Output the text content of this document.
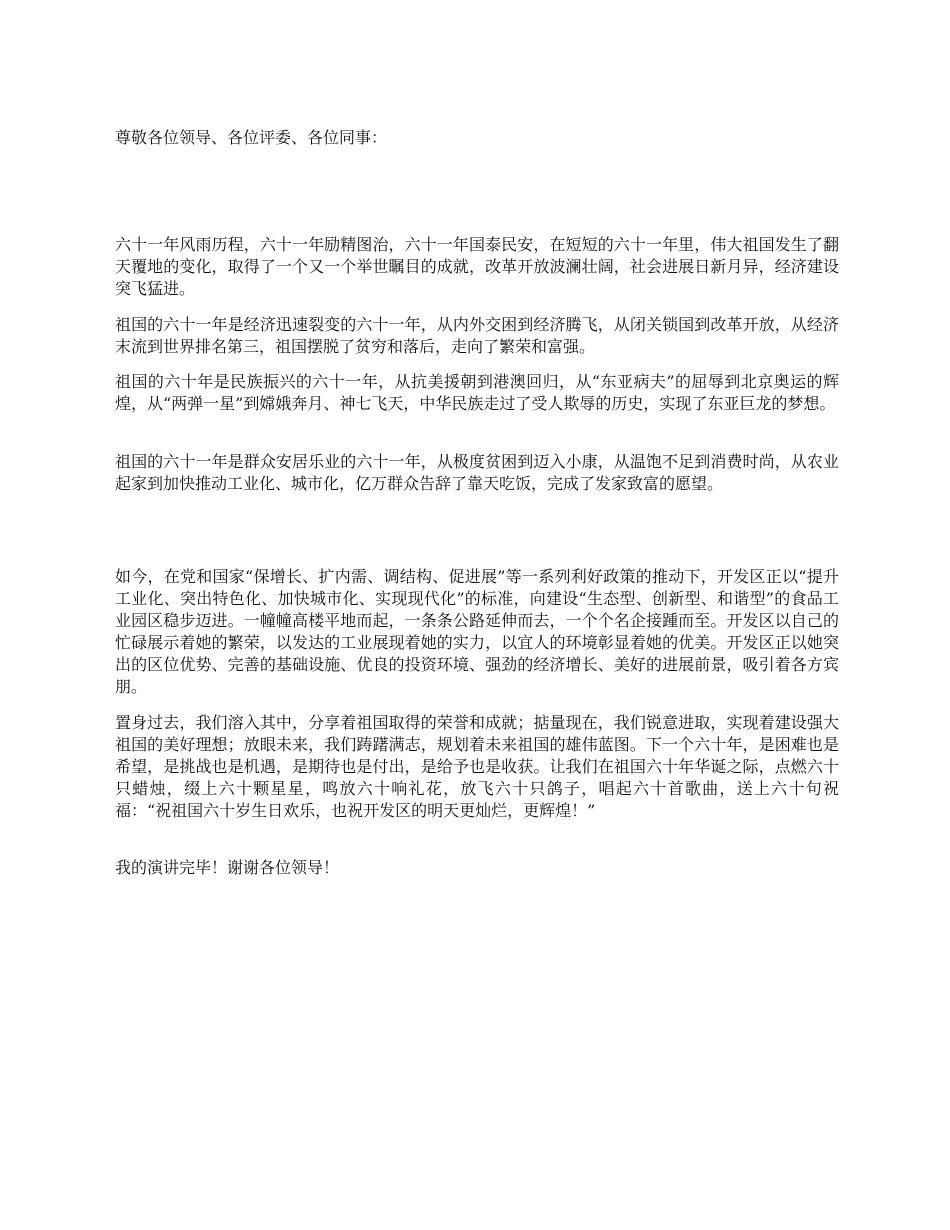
尊敬各位领导、各位评委、各位同事：

六十一年风雨历程，六十一年励精图治，六十一年国泰民安，在短短的六十一年里，伟大祖国发生了翻天覆地的变化，取得了一个又一个举世瞩目的成就，改革开放波澜壮阔，社会进展日新月异，经济建设突飞猛进。

祖国的六十一年是经济迅速裂变的六十一年，从内外交困到经济腾飞，从闭关锁国到改革开放，从经济末流到世界排名第三，祖国摆脱了贫穷和落后，走向了繁荣和富强。

祖国的六十年是民族振兴的六十一年，从抗美援朝到港澳回归，从“东亚病夫”的屈辱到北京奥运的辉煌，从“两弹一星”到嫦娥奔月、神七飞天，中华民族走过了受人欺辱的历史，实现了东亚巨龙的梦想。

祖国的六十一年是群众安居乐业的六十一年，从极度贫困到迈入小康，从温饱不足到消费时尚，从农业起家到加快推动工业化、城市化，亿万群众告辞了靠天吃饭，完成了发家致富的愿望。

如今，在党和国家“保增长、扩内需、调结构、促进展”等一系列利好政策的推动下，开发区正以“提升工业化、突出特色化、加快城市化、实现现代化”的标准，向建设“生态型、创新型、和谐型”的食品工业园区稳步迈进。一幢幢高楼平地而起，一条条公路延伸而去，一个个名企接踵而至。开发区以自己的忙碌展示着她的繁荣，以发达的工业展现着她的实力，以宜人的环境彰显着她的优美。开发区正以她突出的区位优势、完善的基础设施、优良的投资环境、强劲的经济增长、美好的进展前景，吸引着各方宾朋。

置身过去，我们溶入其中，分享着祖国取得的荣誉和成就；掂量现在，我们锐意进取，实现着建设强大祖国的美好理想；放眼未来，我们踌躇满志，规划着未来祖国的雄伟蓝图。下一个六十年，是困难也是希望，是挑战也是机遇，是期待也是付出，是给予也是收获。让我们在祖国六十年华诞之际，点燃六十只蜡烛，缀上六十颗星星，鸣放六十响礼花，放飞六十只鸽子，唱起六十首歌曲，送上六十句祝福：“祝祖国六十岁生日欢乐，也祝开发区的明天更灿烂，更辉煌！”

我的演讲完毕！谢谢各位领导！
